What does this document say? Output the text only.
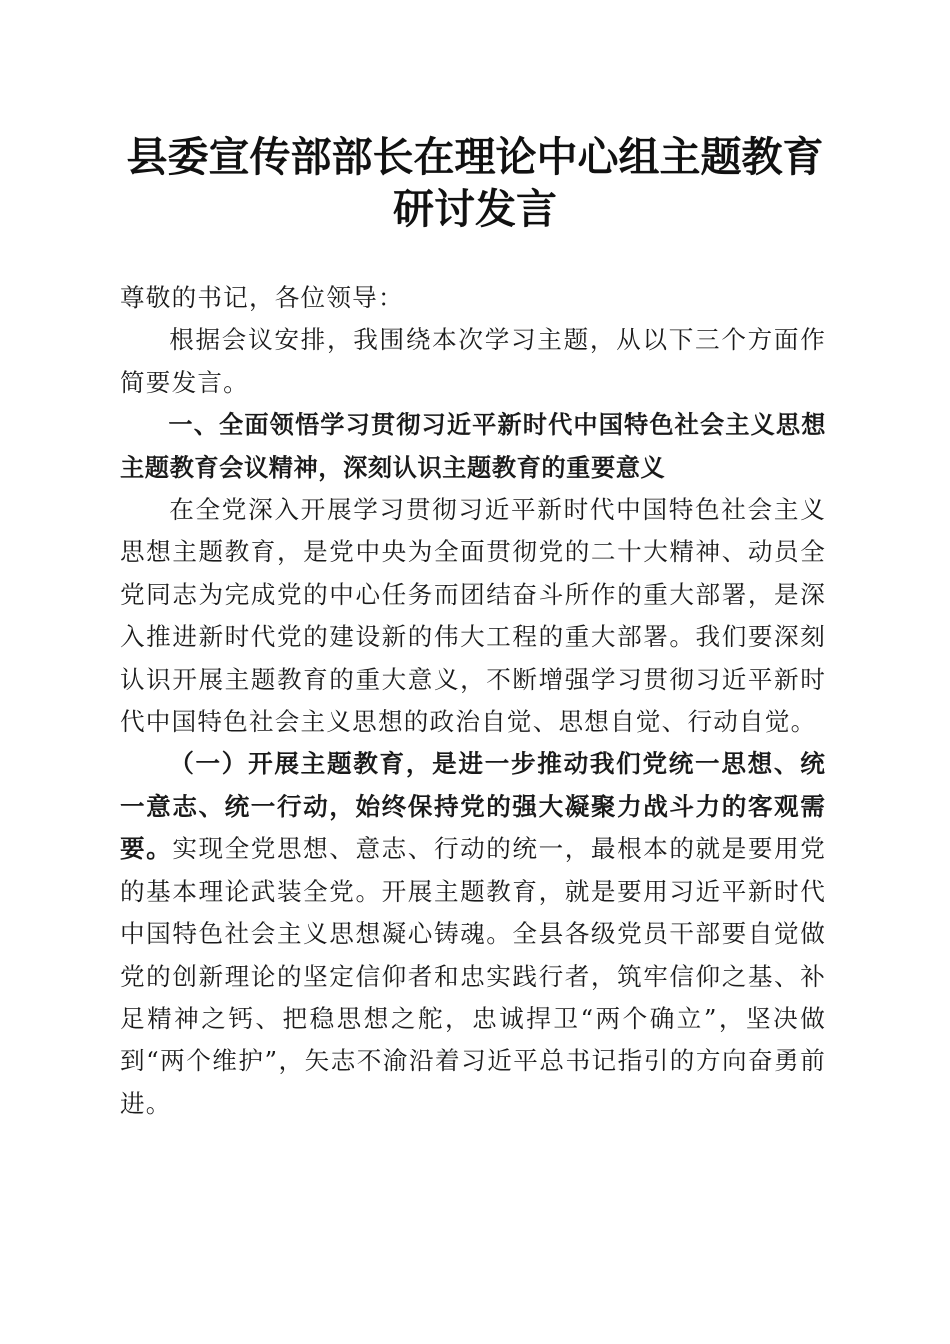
县委宣传部部长在理论中心组主题教育研讨发言

尊敬的书记，各位领导：

根据会议安排，我围绕本次学习主题，从以下三个方面作简要发言。

一、全面领悟学习贯彻习近平新时代中国特色社会主义思想主题教育会议精神，深刻认识主题教育的重要意义

在全党深入开展学习贯彻习近平新时代中国特色社会主义思想主题教育，是党中央为全面贯彻党的二十大精神、动员全党同志为完成党的中心任务而团结奋斗所作的重大部署，是深入推进新时代党的建设新的伟大工程的重大部署。我们要深刻认识开展主题教育的重大意义，不断增强学习贯彻习近平新时代中国特色社会主义思想的政治自觉、思想自觉、行动自觉。

（一）开展主题教育，是进一步推动我们党统一思想、统一意志、统一行动，始终保持党的强大凝聚力战斗力的客观需要。实现全党思想、意志、行动的统一，最根本的就是要用党的基本理论武装全党。开展主题教育，就是要用习近平新时代中国特色社会主义思想凝心铸魂。全县各级党员干部要自觉做党的创新理论的坚定信仰者和忠实践行者，筑牢信仰之基、补足精神之钙、把稳思想之舵，忠诚捍卫“两个确立”，坚决做到“两个维护”，矢志不渝沿着习近平总书记指引的方向奋勇前进。
